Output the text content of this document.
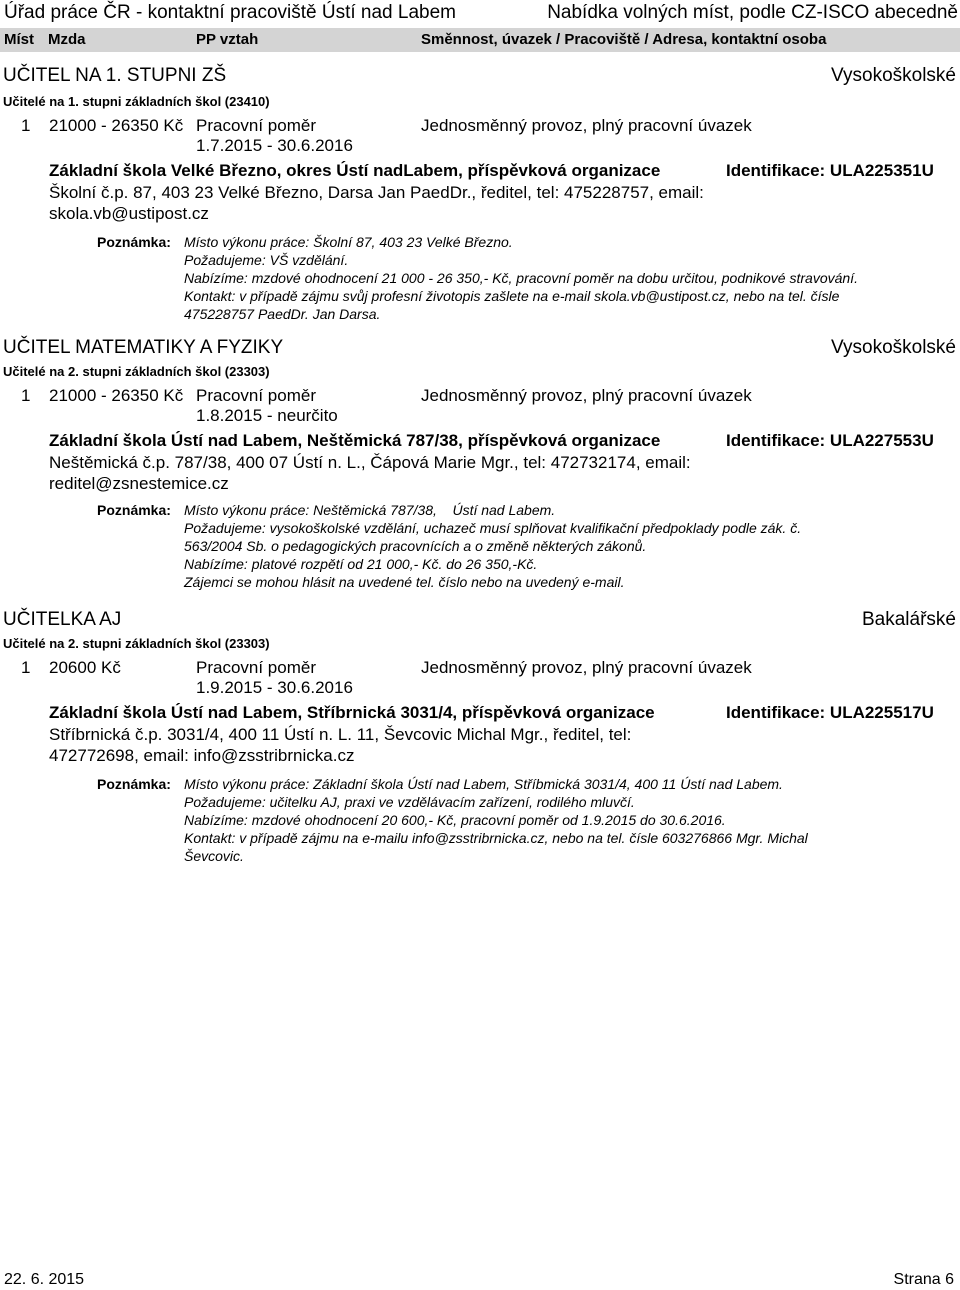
Úřad práce ČR - kontaktní pracoviště Ústí nad Labem	Nabídka volných míst, podle CZ-ISCO abecedně
Míst Mzda	PP vztah	Směnnost, úvazek / Pracoviště / Adresa, kontaktní osoba
UČITEL NA 1. STUPNI ZŠ	Vysokoškolské
Učitelé na 1. stupni základních škol (23410)
1 21000 - 26350 Kč Pracovní poměr	Jednosměnný provoz, plný pracovní úvazek
1.7.2015 - 30.6.2016
Základní škola Velké Březno, okres Ústí nadLabem, příspěvková organizace	Identifikace: ULA225351U
Školní č.p. 87, 403 23 Velké Březno, Darsa Jan PaedDr., ředitel, tel: 475228757, email: skola.vb@ustipost.cz
Poznámka: Místo výkonu práce: Školní 87, 403 23 Velké Březno.
Požadujeme: VŠ vzdělání.
Nabízíme: mzdové ohodnocení 21 000 - 26 350,- Kč, pracovní poměr na dobu určitou, podnikové stravování.
Kontakt: v případě zájmu svůj profesní životopis zašlete na e-mail skola.vb@ustipost.cz, nebo na tel. čísle
475228757 PaedDr. Jan Darsa.
UČITEL MATEMATIKY A FYZIKY	Vysokoškolské
Učitelé na 2. stupni základních škol (23303)
1 21000 - 26350 Kč Pracovní poměr	Jednosměnný provoz, plný pracovní úvazek
1.8.2015 - neurčito
Základní škola Ústí nad Labem, Neštěmická 787/38, příspěvková organizace	Identifikace: ULA227553U
Neštěmická č.p. 787/38, 400 07 Ústí n. L., Čápová Marie Mgr., tel: 472732174, email: reditel@zsnestemice.cz
Poznámka: Místo výkonu práce: Neštěmická 787/38,    Ústí nad Labem.
Požadujeme: vysokoškolské vzdělání, uchazeč musí splňovat kvalifikační předpoklady podle zák. č.
563/2004 Sb. o pedagogických pracovnících a o změně některých zákonů.
Nabízíme: platové rozpětí od 21 000,- Kč. do 26 350,-Kč.
Zájemci se mohou hlásit na uvedené tel. číslo nebo na uvedený e-mail.
UČITELKA AJ	Bakalářské
Učitelé na 2. stupni základních škol (23303)
1 20600 Kč	Pracovní poměr	Jednosměnný provoz, plný pracovní úvazek
1.9.2015 - 30.6.2016
Základní škola Ústí nad Labem, Stříbrnická 3031/4, příspěvková organizace	Identifikace: ULA225517U
Stříbrnická č.p. 3031/4, 400 11 Ústí n. L. 11, Ševcovic Michal Mgr., ředitel, tel: 472772698, email: info@zsstribrnicka.cz
Poznámka: Místo výkonu práce: Základní škola Ústí nad Labem, Stříbmická 3031/4, 400 11 Ústí nad Labem.
Požadujeme: učitelku AJ, praxi ve vzdělávacím zařízení, rodilého mluvčí.
Nabízíme: mzdové ohodnocení 20 600,- Kč, pracovní poměr od 1.9.2015 do 30.6.2016.
Kontakt: v případě zájmu na e-mailu info@zsstribrnicka.cz, nebo na tel. čísle 603276866 Mgr. Michal
Ševcovic.
22. 6. 2015	Strana 6
